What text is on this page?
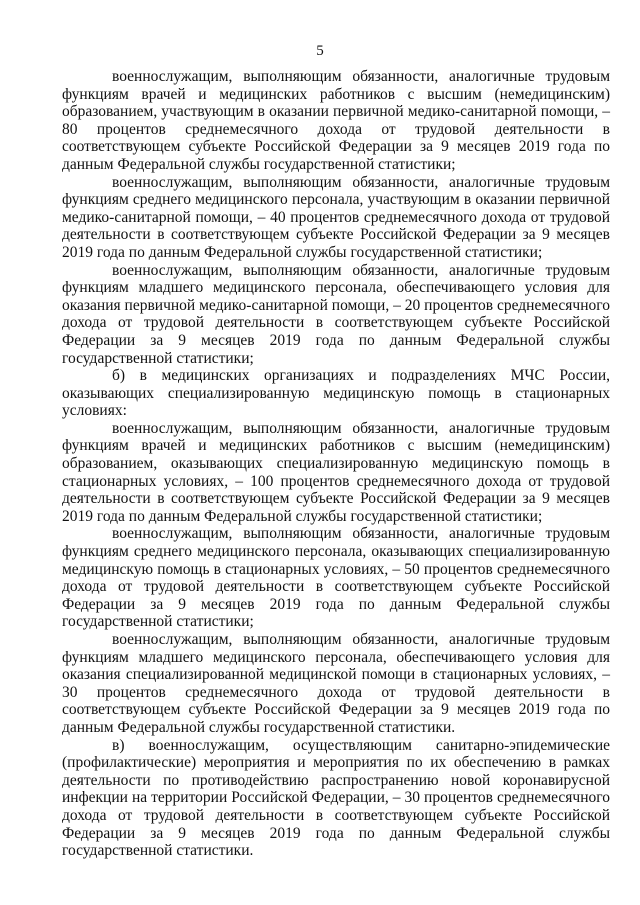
5

военнослужащим, выполняющим обязанности, аналогичные трудовым функциям врачей и медицинских работников с высшим (немедицинским) образованием, участвующим в оказании первичной медико-санитарной помощи, – 80 процентов среднемесячного дохода от трудовой деятельности в соответствующем субъекте Российской Федерации за 9 месяцев 2019 года по данным Федеральной службы государственной статистики;

военнослужащим, выполняющим обязанности, аналогичные трудовым функциям среднего медицинского персонала, участвующим в оказании первичной медико-санитарной помощи, – 40 процентов среднемесячного дохода от трудовой деятельности в соответствующем субъекте Российской Федерации за 9 месяцев 2019 года по данным Федеральной службы государственной статистики;

военнослужащим, выполняющим обязанности, аналогичные трудовым функциям младшего медицинского персонала, обеспечивающего условия для оказания первичной медико-санитарной помощи, – 20 процентов среднемесячного дохода от трудовой деятельности в соответствующем субъекте Российской Федерации за 9 месяцев 2019 года по данным Федеральной службы государственной статистики;

б) в медицинских организациях и подразделениях МЧС России, оказывающих специализированную медицинскую помощь в стационарных условиях:

военнослужащим, выполняющим обязанности, аналогичные трудовым функциям врачей и медицинских работников с высшим (немедицинским) образованием, оказывающих специализированную медицинскую помощь в стационарных условиях, – 100 процентов среднемесячного дохода от трудовой деятельности в соответствующем субъекте Российской Федерации за 9 месяцев 2019 года по данным Федеральной службы государственной статистики;

военнослужащим, выполняющим обязанности, аналогичные трудовым функциям среднего медицинского персонала, оказывающих специализированную медицинскую помощь в стационарных условиях, – 50 процентов среднемесячного дохода от трудовой деятельности в соответствующем субъекте Российской Федерации за 9 месяцев 2019 года по данным Федеральной службы государственной статистики;

военнослужащим, выполняющим обязанности, аналогичные трудовым функциям младшего медицинского персонала, обеспечивающего условия для оказания специализированной медицинской помощи в стационарных условиях, – 30 процентов среднемесячного дохода от трудовой деятельности в соответствующем субъекте Российской Федерации за 9 месяцев 2019 года по данным Федеральной службы государственной статистики.

в) военнослужащим, осуществляющим санитарно-эпидемические (профилактические) мероприятия и мероприятия по их обеспечению в рамках деятельности по противодействию распространению новой коронавирусной инфекции на территории Российской Федерации, – 30 процентов среднемесячного дохода от трудовой деятельности в соответствующем субъекте Российской Федерации за 9 месяцев 2019 года по данным Федеральной службы государственной статистики.
